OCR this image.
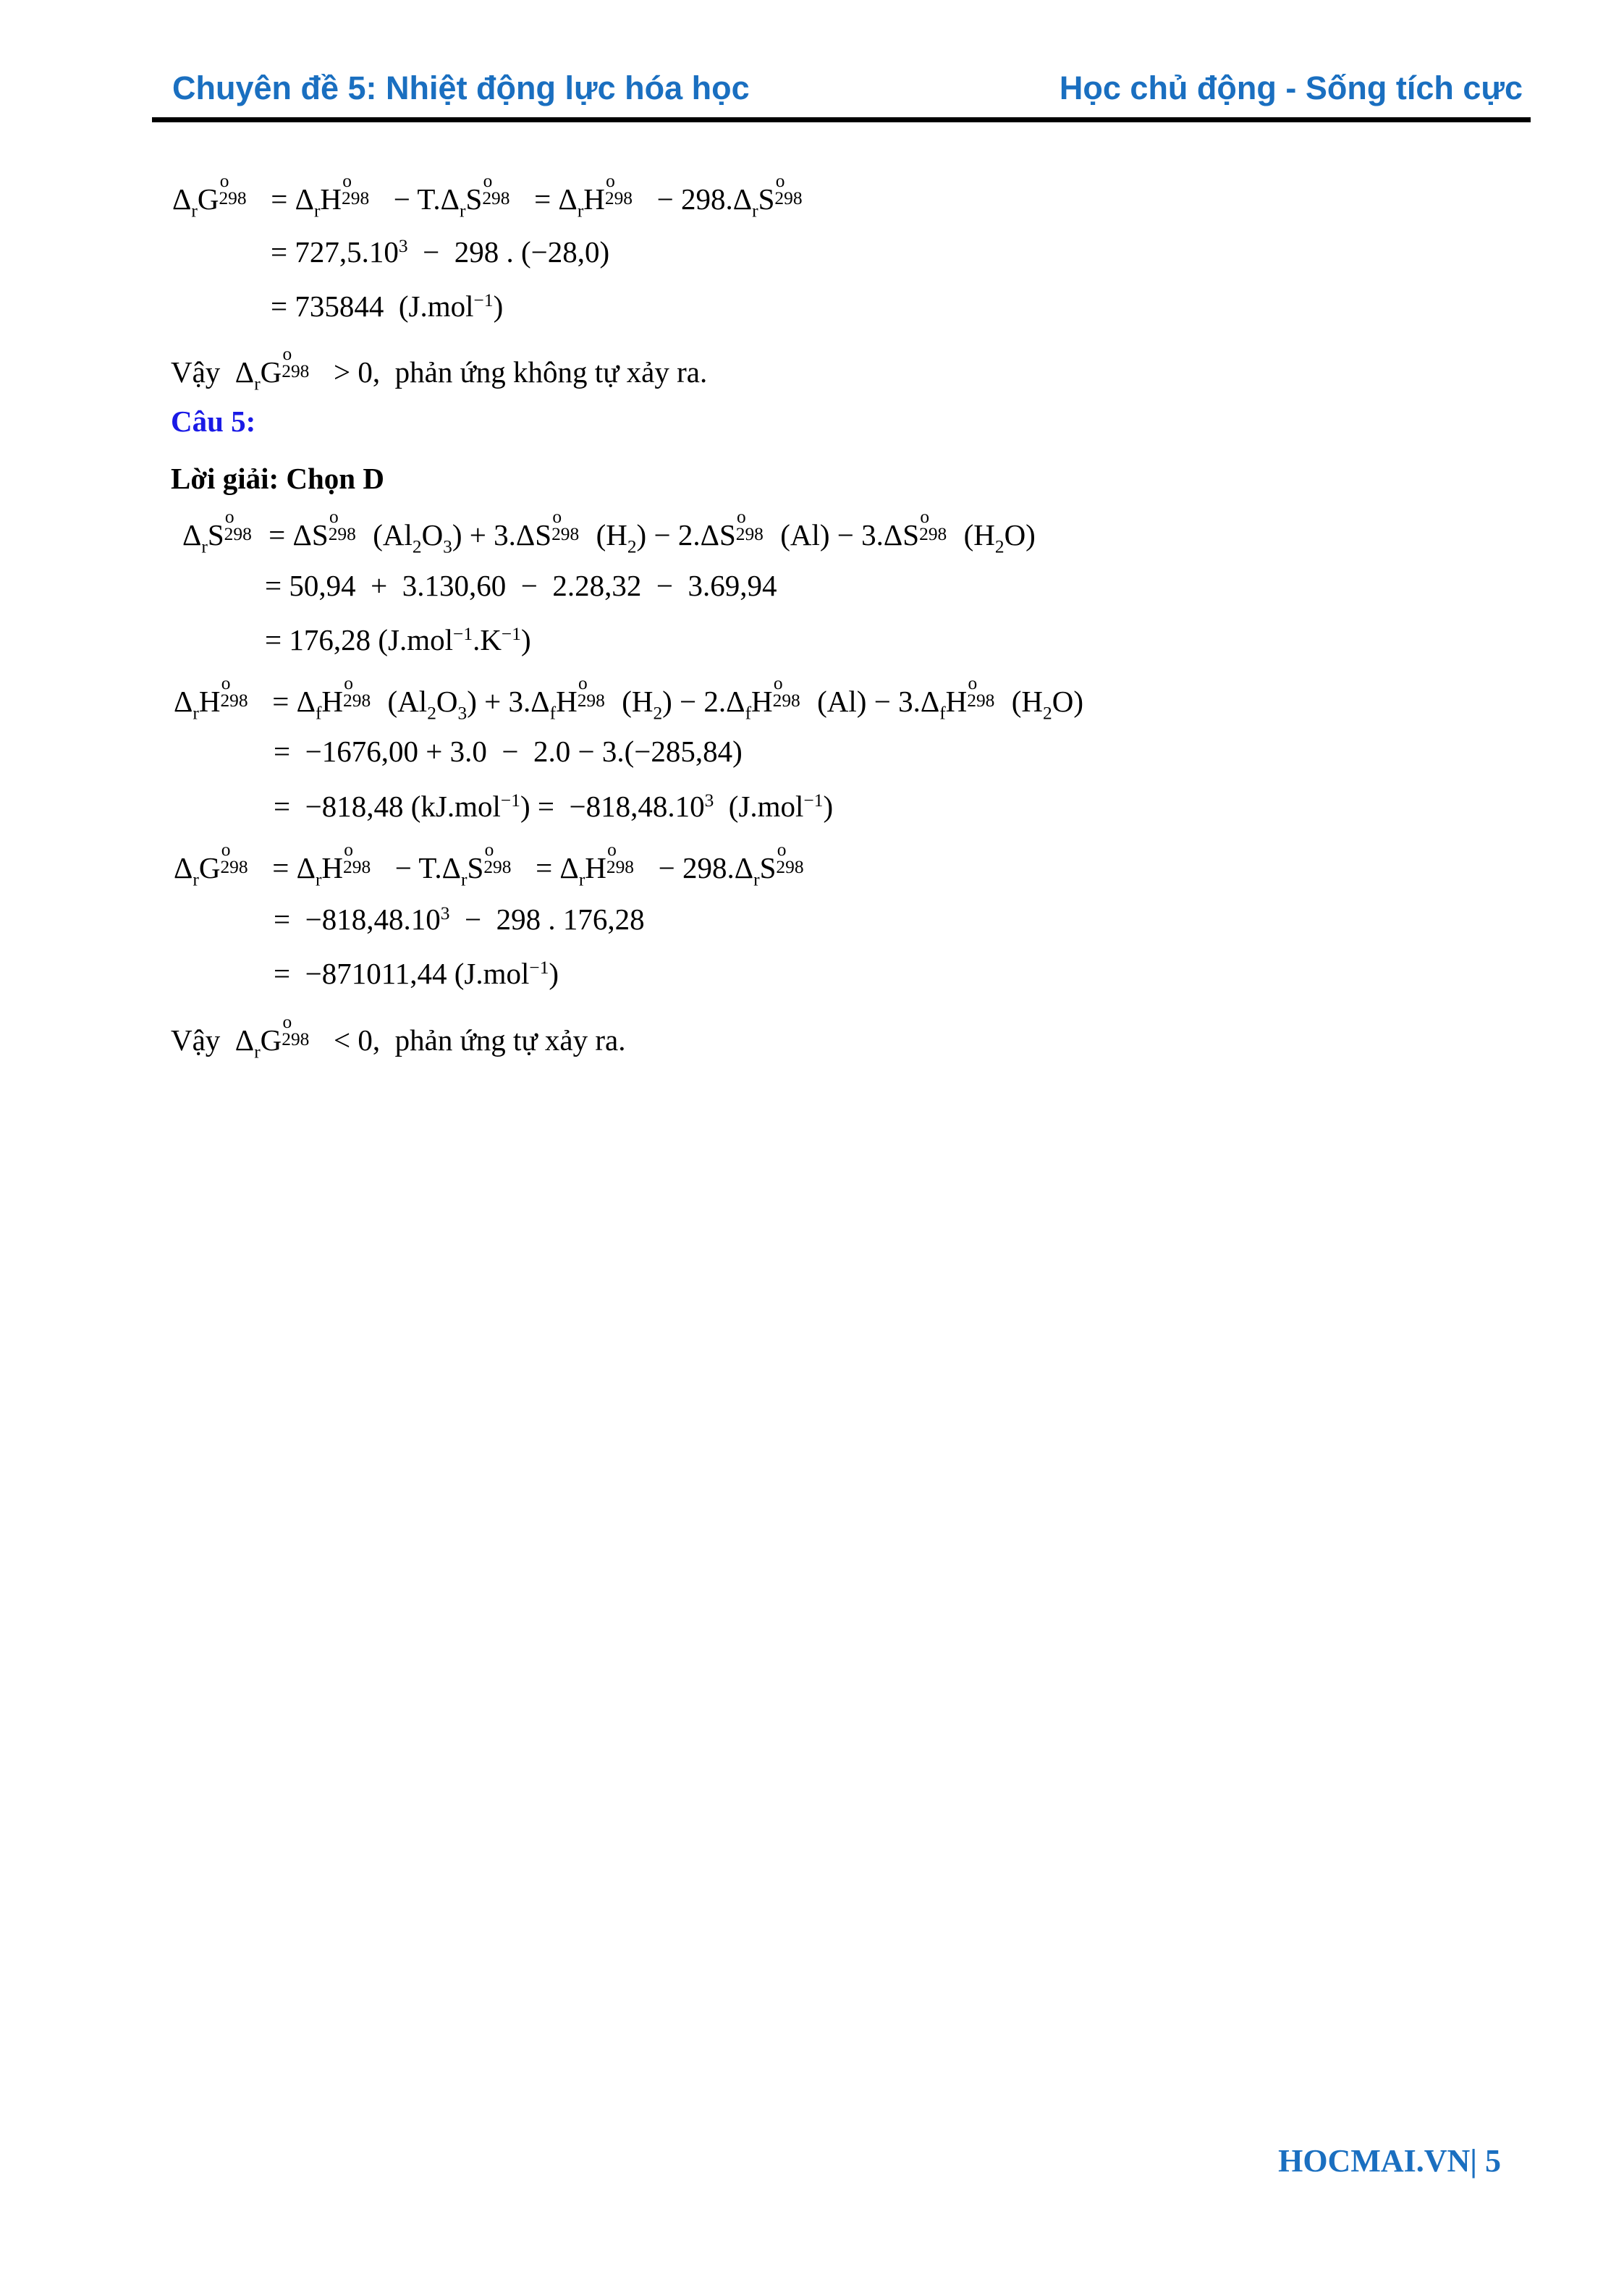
Chuyên đề 5: Nhiệt động lực hóa học	Học chủ động - Sống tích cực
$\Delta_rG$
o
$298 = \Delta_rH$
o
$298 - T.\Delta_rS$
o
$298 = \Delta_rH$
o
$298 - 298.\Delta_rS$
o
298
= $727,5.10^3 - 298$ . (−28,0)
= 735844  (J.mol$^{-1}$)
Vậy  $\Delta_rG$
o
298 > 0,  phản ứng không tự xảy ra.
Câu 5:
Lời giải: Chọn D
$\Delta_rS$
o
298 = ΔS
o
298 $(Al_2O_3) + 3.\Delta S$
o
298 $(H_2) - 2.\Delta S$
o
298 (Al) − 3.ΔS
o
298 $(H_2O)$
= 50,94  +  3.130,60  −  2.28,32  −  3.69,94
= 176,28 $(J.mol^{-1}.K^{-1})$
$\Delta_rH$
o
$298 = \Delta_fH$
o
298 $(Al_2O_3) + 3.\Delta_fH$
o
298 $(H_2) - 2.\Delta_fH$
o
298 $(Al) - 3.\Delta_fH$
o
298 $(H_2O)$
=  −1676,00 + 3.0  −  2.0 − 3.(−285,84)
=  −818,48 $(kJ.mol^{-1}) = -818,48.10^3$  (J.mol$^{-1}$)
$\Delta_rG$
o
$298 = \Delta_rH$
o
$298 - T.\Delta_rS$
o
$298 = \Delta_rH$
o
$298 - 298.\Delta_rS$
o
298
=  $-818,48.10^3 - 298$ . 176,28
=  −871011,44 (J.mol$^{-1}$)
Vậy  $\Delta_rG$
o
298 < 0,  phản ứng tự xảy ra.
HOCMAI.VN| 5
